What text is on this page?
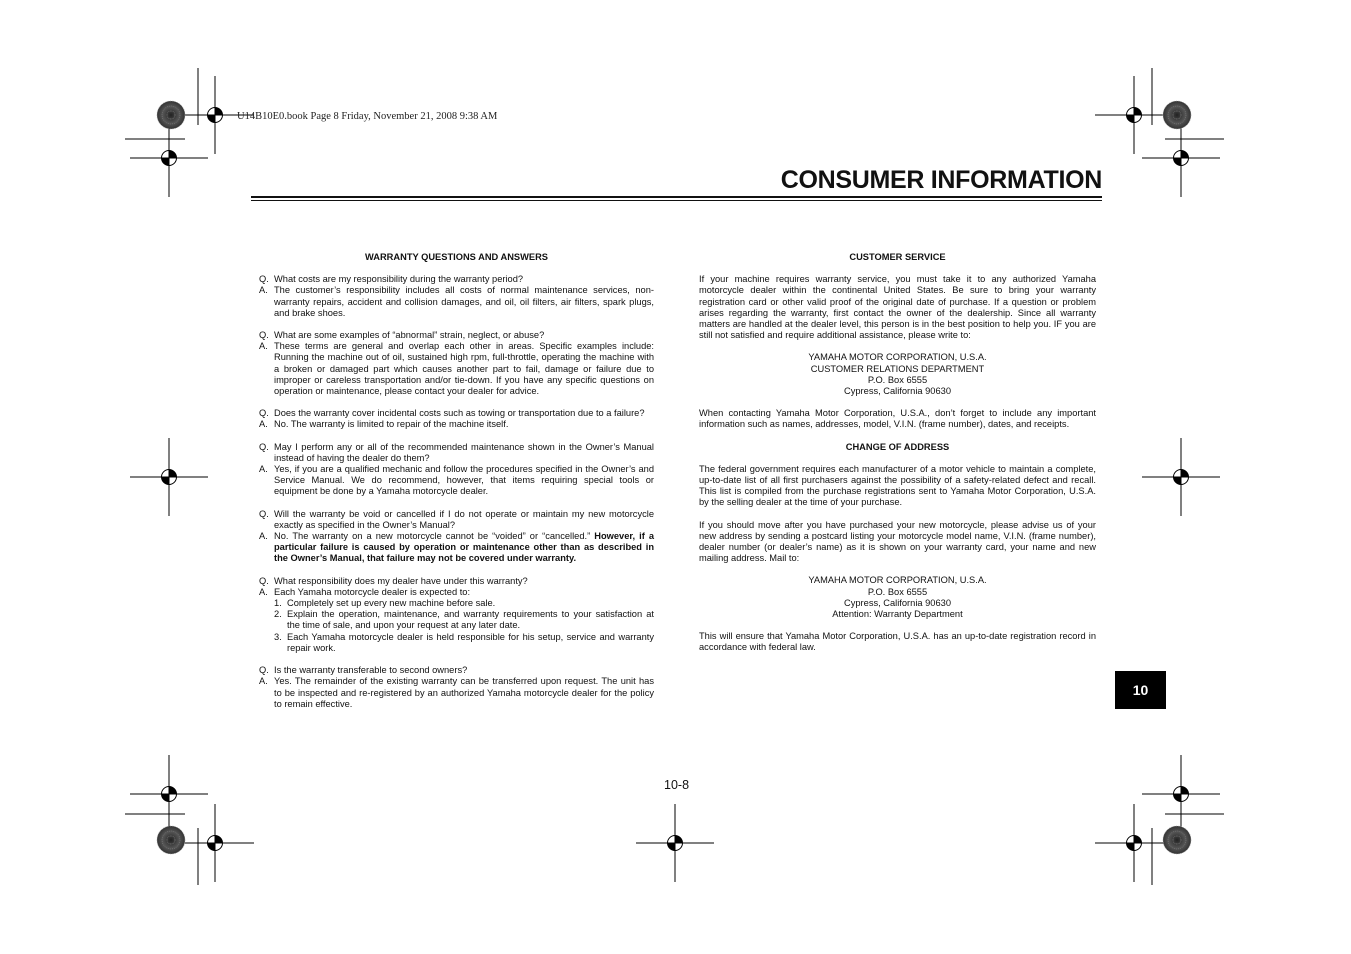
U14B10E0.book Page 8 Friday, November 21, 2008 9:38 AM
CONSUMER INFORMATION
WARRANTY QUESTIONS AND ANSWERS
Q. What costs are my responsibility during the warranty period?
A. The customer’s responsibility includes all costs of normal maintenance services, non-warranty repairs, accident and collision damages, and oil, oil filters, air filters, spark plugs, and brake shoes.
Q. What are some examples of “abnormal” strain, neglect, or abuse?
A. These terms are general and overlap each other in areas. Specific examples include: Running the machine out of oil, sustained high rpm, full-throttle, operating the machine with a broken or damaged part which causes another part to fail, damage or failure due to improper or careless transportation and/or tie-down. If you have any specific questions on operation or maintenance, please contact your dealer for advice.
Q. Does the warranty cover incidental costs such as towing or transportation due to a failure?
A. No. The warranty is limited to repair of the machine itself.
Q. May I perform any or all of the recommended maintenance shown in the Owner’s Manual instead of having the dealer do them?
A. Yes, if you are a qualified mechanic and follow the procedures specified in the Owner’s and Service Manual. We do recommend, however, that items requiring special tools or equipment be done by a Yamaha motorcycle dealer.
Q. Will the warranty be void or cancelled if I do not operate or maintain my new motorcycle exactly as specified in the Owner’s Manual?
A. No. The warranty on a new motorcycle cannot be “voided” or “cancelled.” However, if a particular failure is caused by operation or maintenance other than as described in the Owner’s Manual, that failure may not be covered under warranty.
Q. What responsibility does my dealer have under this warranty?
A. Each Yamaha motorcycle dealer is expected to:
1. Completely set up every new machine before sale.
2. Explain the operation, maintenance, and warranty requirements to your satisfaction at the time of sale, and upon your request at any later date.
3. Each Yamaha motorcycle dealer is held responsible for his setup, service and warranty repair work.
Q. Is the warranty transferable to second owners?
A. Yes. The remainder of the existing warranty can be transferred upon request. The unit has to be inspected and re-registered by an authorized Yamaha motorcycle dealer for the policy to remain effective.
CUSTOMER SERVICE
If your machine requires warranty service, you must take it to any authorized Yamaha motorcycle dealer within the continental United States. Be sure to bring your warranty registration card or other valid proof of the original date of purchase. If a question or problem arises regarding the warranty, first contact the owner of the dealership. Since all warranty matters are handled at the dealer level, this person is in the best position to help you. IF you are still not satisfied and require additional assistance, please write to:
YAMAHA MOTOR CORPORATION, U.S.A.
CUSTOMER RELATIONS DEPARTMENT
P.O. Box 6555
Cypress, California 90630
When contacting Yamaha Motor Corporation, U.S.A., don’t forget to include any important information such as names, addresses, model, V.I.N. (frame number), dates, and receipts.
CHANGE OF ADDRESS
The federal government requires each manufacturer of a motor vehicle to maintain a complete, up-to-date list of all first purchasers against the possibility of a safety-related defect and recall. This list is compiled from the purchase registrations sent to Yamaha Motor Corporation, U.S.A. by the selling dealer at the time of your purchase.
If you should move after you have purchased your new motorcycle, please advise us of your new address by sending a postcard listing your motorcycle model name, V.I.N. (frame number), dealer number (or dealer’s name) as it is shown on your warranty card, your name and new mailing address. Mail to:
YAMAHA MOTOR CORPORATION, U.S.A.
P.O. Box 6555
Cypress, California 90630
Attention: Warranty Department
This will ensure that Yamaha Motor Corporation, U.S.A. has an up-to-date registration record in accordance with federal law.
10-8
10
